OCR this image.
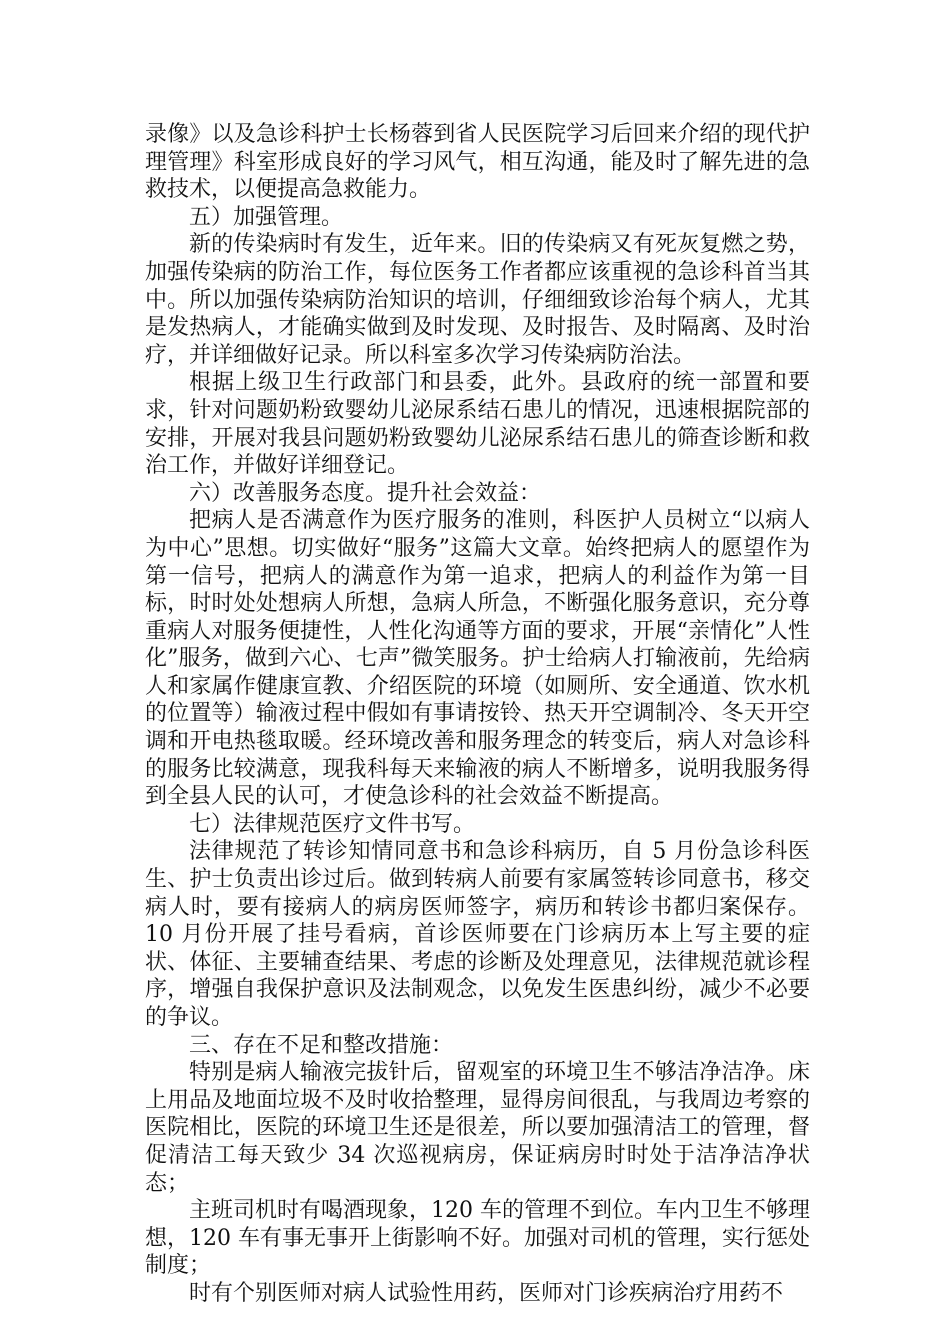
录像》以及急诊科护士长杨蓉到省人民医院学习后回来介绍的现代护理管理》科室形成良好的学习风气，相互沟通，能及时了解先进的急救技术，以便提高急救能力。

五）加强管理。

新的传染病时有发生，近年来。旧的传染病又有死灰复燃之势，加强传染病的防治工作，每位医务工作者都应该重视的急诊科首当其中。所以加强传染病防治知识的培训，仔细细致诊治每个病人，尤其是发热病人，才能确实做到及时发现、及时报告、及时隔离、及时治疗，并详细做好记录。所以科室多次学习传染病防治法。

根据上级卫生行政部门和县委，此外。县政府的统一部置和要求，针对问题奶粉致婴幼儿泌尿系结石患儿的情况，迅速根据院部的安排，开展对我县问题奶粉致婴幼儿泌尿系结石患儿的筛查诊断和救治工作，并做好详细登记。

六）改善服务态度。提升社会效益：

把病人是否满意作为医疗服务的准则，科医护人员树立“以病人为中心”思想。切实做好“服务”这篇大文章。始终把病人的愿望作为第一信号，把病人的满意作为第一追求，把病人的利益作为第一目标，时时处处想病人所想，急病人所急，不断强化服务意识，充分尊重病人对服务便捷性，人性化沟通等方面的要求，开展“亲情化”人性化”服务，做到六心、七声”微笑服务。护士给病人打输液前，先给病人和家属作健康宣教、介绍医院的环境（如厕所、安全通道、饮水机的位置等）输液过程中假如有事请按铃、热天开空调制冷、冬天开空调和开电热毯取暖。经环境改善和服务理念的转变后，病人对急诊科的服务比较满意，现我科每天来输液的病人不断增多，说明我服务得到全县人民的认可，才使急诊科的社会效益不断提高。

七）法律规范医疗文件书写。

法律规范了转诊知情同意书和急诊科病历，自 5 月份急诊科医生、护士负责出诊过后。做到转病人前要有家属签转诊同意书，移交病人时，要有接病人的病房医师签字，病历和转诊书都归案保存。10 月份开展了挂号看病，首诊医师要在门诊病历本上写主要的症状、体征、主要辅查结果、考虑的诊断及处理意见，法律规范就诊程序，增强自我保护意识及法制观念，以免发生医患纠纷，减少不必要的争议。

三、存在不足和整改措施：

特别是病人输液完拔针后，留观室的环境卫生不够洁净洁净。床上用品及地面垃圾不及时收拾整理，显得房间很乱，与我周边考察的医院相比，医院的环境卫生还是很差，所以要加强清洁工的管理，督促清洁工每天致少 34 次巡视病房，保证病房时时处于洁净洁净状态；

主班司机时有喝酒现象，120 车的管理不到位。车内卫生不够理想，120 车有事无事开上街影响不好。加强对司机的管理，实行惩处制度；

时有个别医师对病人试验性用药，医师对门诊疾病治疗用药不
